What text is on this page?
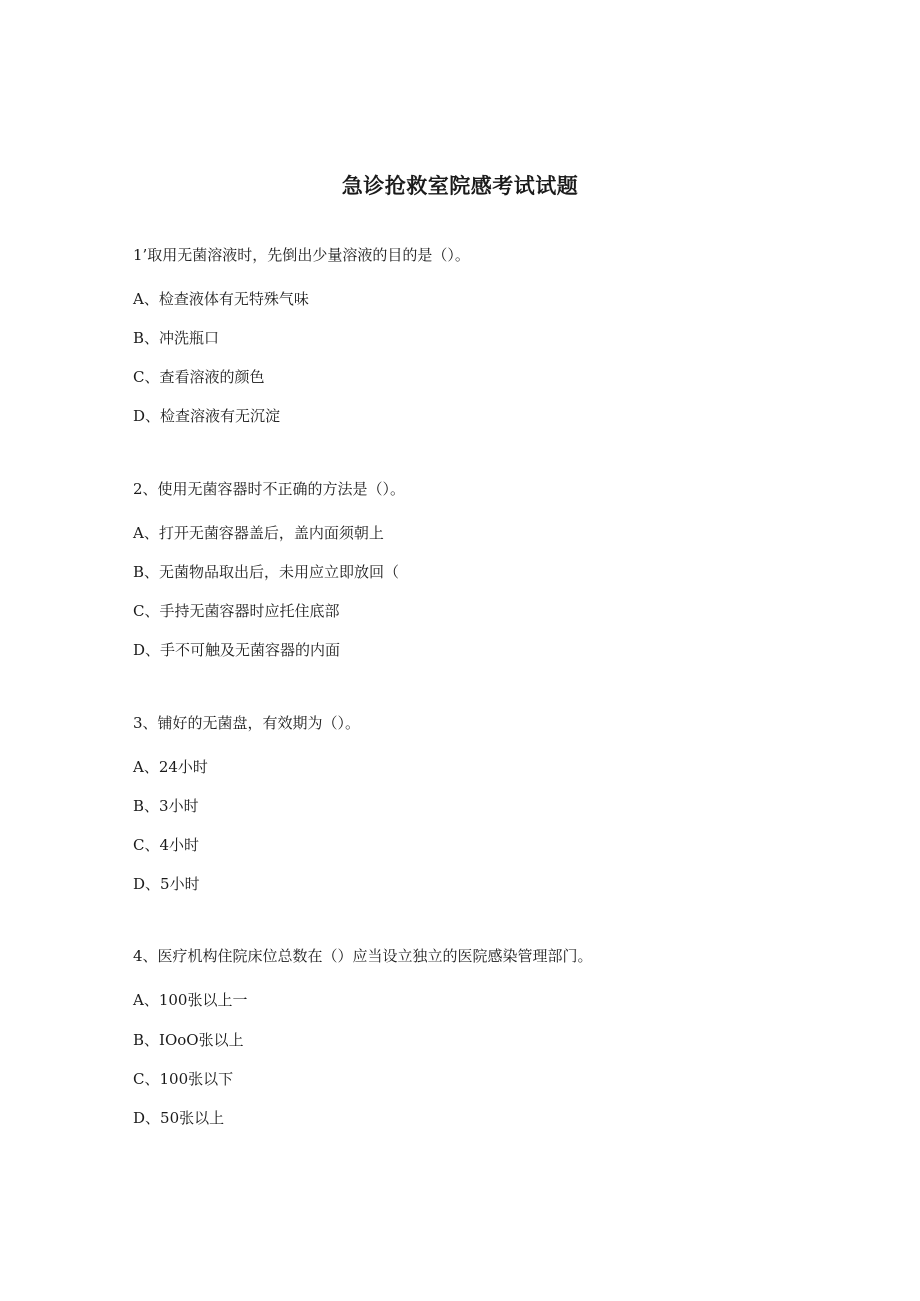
急诊抢救室院感考试试题
1’取用无菌溶液时，先倒出少量溶液的目的是（）。
A、检查液体有无特殊气味
B、冲洗瓶口
C、查看溶液的颜色
D、检查溶液有无沉淀
2、使用无菌容器时不正确的方法是（）。
A、打开无菌容器盖后，盖内面须朝上
B、无菌物品取出后，未用应立即放回（
C、手持无菌容器时应托住底部
D、手不可触及无菌容器的内面
3、铺好的无菌盘，有效期为（）。
A、24小时
B、3小时
C、4小时
D、5小时
4、医疗机构住院床位总数在（）应当设立独立的医院感染管理部门。
A、100张以上一
B、IOoO张以上
C、100张以下
D、50张以上
